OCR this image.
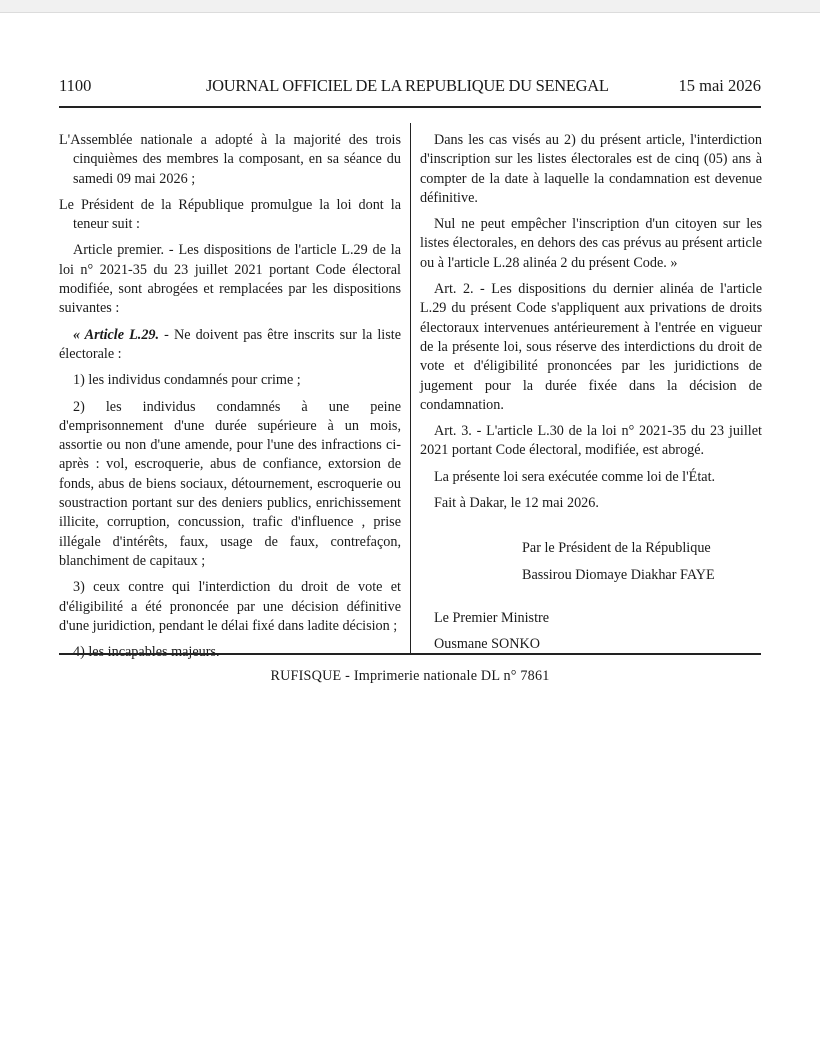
1100	JOURNAL OFFICIEL DE LA REPUBLIQUE DU SENEGAL	15 mai 2026

L'Assemblée nationale a adopté à la majorité des trois cinquièmes des membres la composant, en sa séance du samedi 09 mai 2026 ;

Le Président de la République promulgue la loi dont la teneur suit :

Article premier. - Les dispositions de l'article L.29 de la loi n° 2021-35 du 23 juillet 2021 portant Code électoral modifiée, sont abrogées et remplacées par les dispositions suivantes :

« Article L.29. - Ne doivent pas être inscrits sur la liste électorale :

1) les individus condamnés pour crime ;

2) les individus condamnés à une peine d'emprisonnement d'une durée supérieure à un mois, assortie ou non d'une amende, pour l'une des infractions ci-après : vol, escroquerie, abus de confiance, extorsion de fonds, abus de biens sociaux, détournement, escroquerie ou soustraction portant sur des deniers publics, enrichissement illicite, corruption, concussion, trafic d'influence , prise illégale d'intérêts, faux, usage de faux, contrefaçon, blanchiment de capitaux ;

3) ceux contre qui l'interdiction du droit de vote et d'éligibilité a été prononcée par une décision définitive d'une juridiction, pendant le délai fixé dans ladite décision ;

4) les incapables majeurs.

Dans les cas visés au 2) du présent article, l'interdiction d'inscription sur les listes électorales est de cinq (05) ans à compter de la date à laquelle la condamnation est devenue définitive.

Nul ne peut empêcher l'inscription d'un citoyen sur les listes électorales, en dehors des cas prévus au présent article ou à l'article L.28 alinéa 2 du présent Code. »

Art. 2. - Les dispositions du dernier alinéa de l'article L.29 du présent Code s'appliquent aux privations de droits électoraux intervenues antérieurement à l'entrée en vigueur de la présente loi, sous réserve des interdictions du droit de vote et d'éligibilité prononcées par les juridictions de jugement pour la durée fixée dans la décision de condamnation.

Art. 3. - L'article L.30 de la loi n° 2021-35 du 23 juillet 2021 portant Code électoral, modifiée, est abrogé.

La présente loi sera exécutée comme loi de l'État.

Fait à Dakar, le 12 mai 2026.

Par le Président de la République

Bassirou Diomaye Diakhar FAYE

Le Premier Ministre

Ousmane SONKO

RUFISQUE - Imprimerie nationale DL n° 7861
